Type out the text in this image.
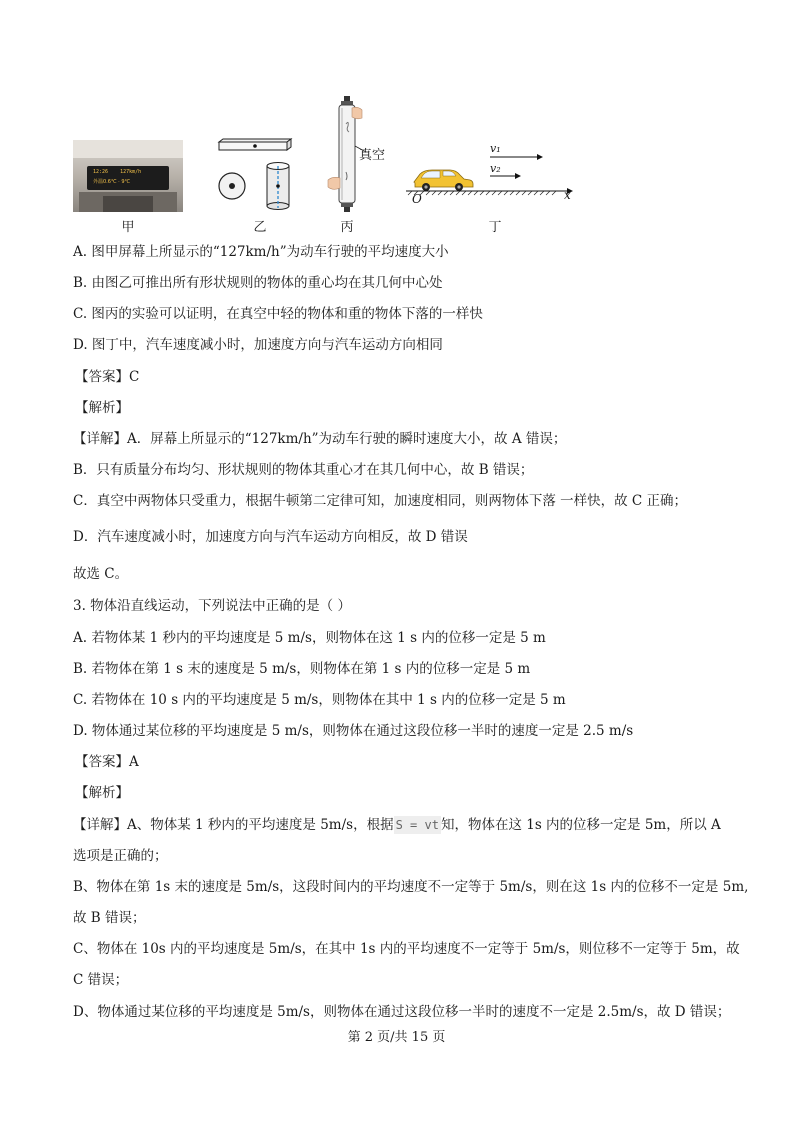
12:26 127km/h
外温0.6℃ · 9℃
甲	乙
真空
丙
v₁
v₂
O	x
丁
A. 图甲屏幕上所显示的“127km/h”为动车行驶的平均速度大小
B. 由图乙可推出所有形状规则的物体的重心均在其几何中心处
C. 图丙的实验可以证明，在真空中轻的物体和重的物体下落的一样快
D. 图丁中，汽车速度减小时，加速度方向与汽车运动方向相同
【答案】C
【解析】
【详解】A．屏幕上所显示的“127km/h”为动车行驶的瞬时速度大小，故 A 错误；
B．只有质量分布均匀、形状规则的物体其重心才在其几何中心，故 B 错误；
C．真空中两物体只受重力，根据牛顿第二定律可知，加速度相同，则两物体下落 一样快，故 C 正确；
D．汽车速度减小时，加速度方向与汽车运动方向相反，故 D 错误
故选 C。
3. 物体沿直线运动，下列说法中正确的是（ ）
A. 若物体某 1 秒内的平均速度是 5 m/s，则物体在这 1 s 内的位移一定是 5 m
B. 若物体在第 1 s 末的速度是 5 m/s，则物体在第 1 s 内的位移一定是 5 m
C. 若物体在 10 s 内的平均速度是 5 m/s，则物体在其中 1 s 内的位移一定是 5 m
D. 物体通过某位移的平均速度是 5 m/s，则物体在通过这段位移一半时的速度一定是 2.5 m/s
【答案】A
【解析】
【详解】A、物体某 1 秒内的平均速度是 5m/s，根据 S = vt 知，物体在这 1s 内的位移一定是 5m，所以 A
选项是正确的；
B、物体在第 1s 末的速度是 5m/s，这段时间内的平均速度不一定等于 5m/s，则在这 1s 内的位移不一定是 5m,
故 B 错误；
C、物体在 10s 内的平均速度是 5m/s，在其中 1s 内的平均速度不一定等于 5m/s，则位移不一定等于 5m，故
C 错误；
D、物体通过某位移的平均速度是 5m/s，则物体在通过这段位移一半时的速度不一定是 2.5m/s，故 D 错误；
第 2 页/共 15 页
